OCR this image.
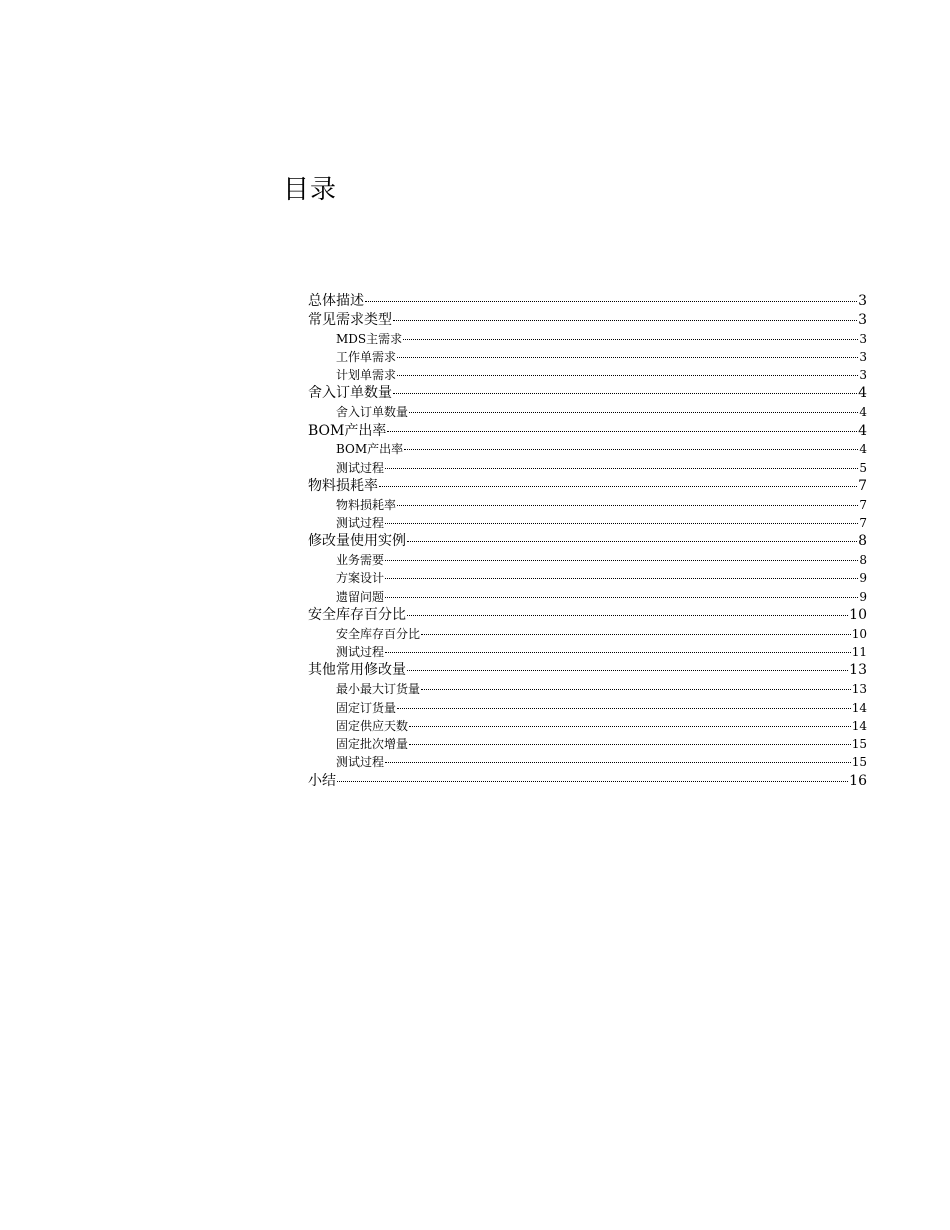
目录
总体描述	3
常见需求类型	3
MDS主需求	3
工作单需求	3
计划单需求	3
舍入订单数量	4
舍入订单数量	4
BOM产出率	4
BOM产出率	4
测试过程	5
物料损耗率	7
物料损耗率	7
测试过程	7
修改量使用实例	8
业务需要	8
方案设计	9
遗留问题	9
安全库存百分比	10
安全库存百分比	10
测试过程	11
其他常用修改量	13
最小最大订货量	13
固定订货量	14
固定供应天数	14
固定批次增量	15
测试过程	15
小结	16
